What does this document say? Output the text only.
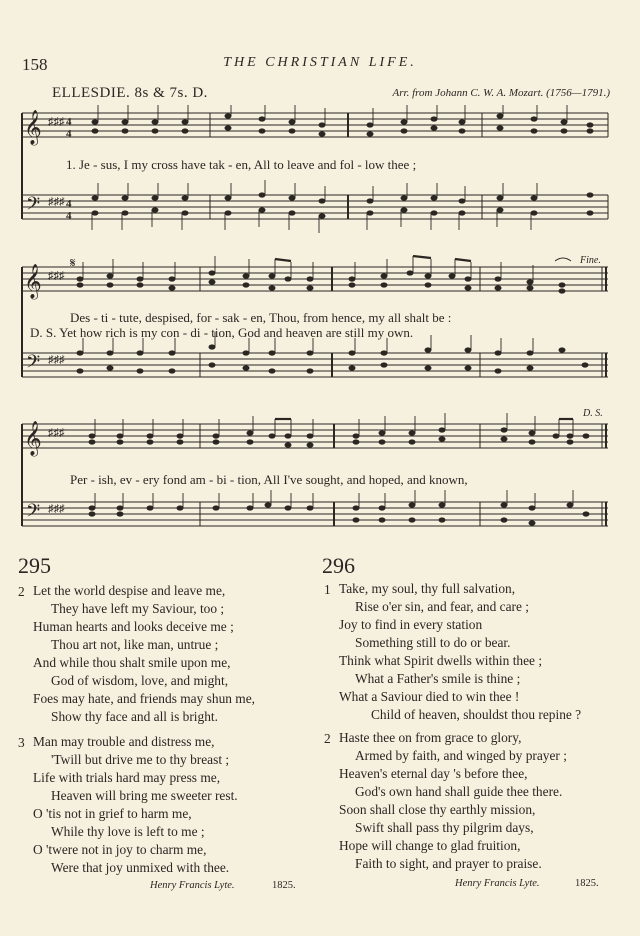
158	THE CHRISTIAN LIFE.
ELLESDIE. 8s & 7s. D.	Arr. from Johann C. W. A. Mozart. (1756—1791.)
𝄞
𝄢
♯♯♯
♯♯♯
4
4
4
4
1. Je - sus, I my cross have tak - en, All to leave and fol - low thee ;
𝄞
𝄢
♯♯♯
♯♯♯
𝄋	Fine.
Des - ti - tute, despised, for - sak - en, Thou, from hence, my all shalt be :
D. S. Yet how rich is my con - di - tion, God and heaven are still my own.
𝄞
𝄢
♯♯♯
♯♯♯
D. S.
Per - ish, ev - ery fond am - bi - tion, All I've sought, and hoped, and known,
295
2 Let the world despise and leave me,
They have left my Saviour, too ;
Human hearts and looks deceive me ;
Thou art not, like man, untrue ;
And while thou shalt smile upon me,
God of wisdom, love, and might,
Foes may hate, and friends may shun me,
Show thy face and all is bright.
3 Man may trouble and distress me,
'Twill but drive me to thy breast ;
Life with trials hard may press me,
Heaven will bring me sweeter rest.
O 'tis not in grief to harm me,
While thy love is left to me ;
O 'twere not in joy to charm me,
Were that joy unmixed with thee.
Henry Francis Lyte.	1825.
296
1 Take, my soul, thy full salvation,
Rise o'er sin, and fear, and care ;
Joy to find in every station
Something still to do or bear.
Think what Spirit dwells within thee ;
What a Father's smile is thine ;
What a Saviour died to win thee !
Child of heaven, shouldst thou repine ?
2 Haste thee on from grace to glory,
Armed by faith, and winged by prayer ;
Heaven's eternal day 's before thee,
God's own hand shall guide thee there.
Soon shall close thy earthly mission,
Swift shall pass thy pilgrim days,
Hope will change to glad fruition,
Faith to sight, and prayer to praise.
Henry Francis Lyte.	1825.
